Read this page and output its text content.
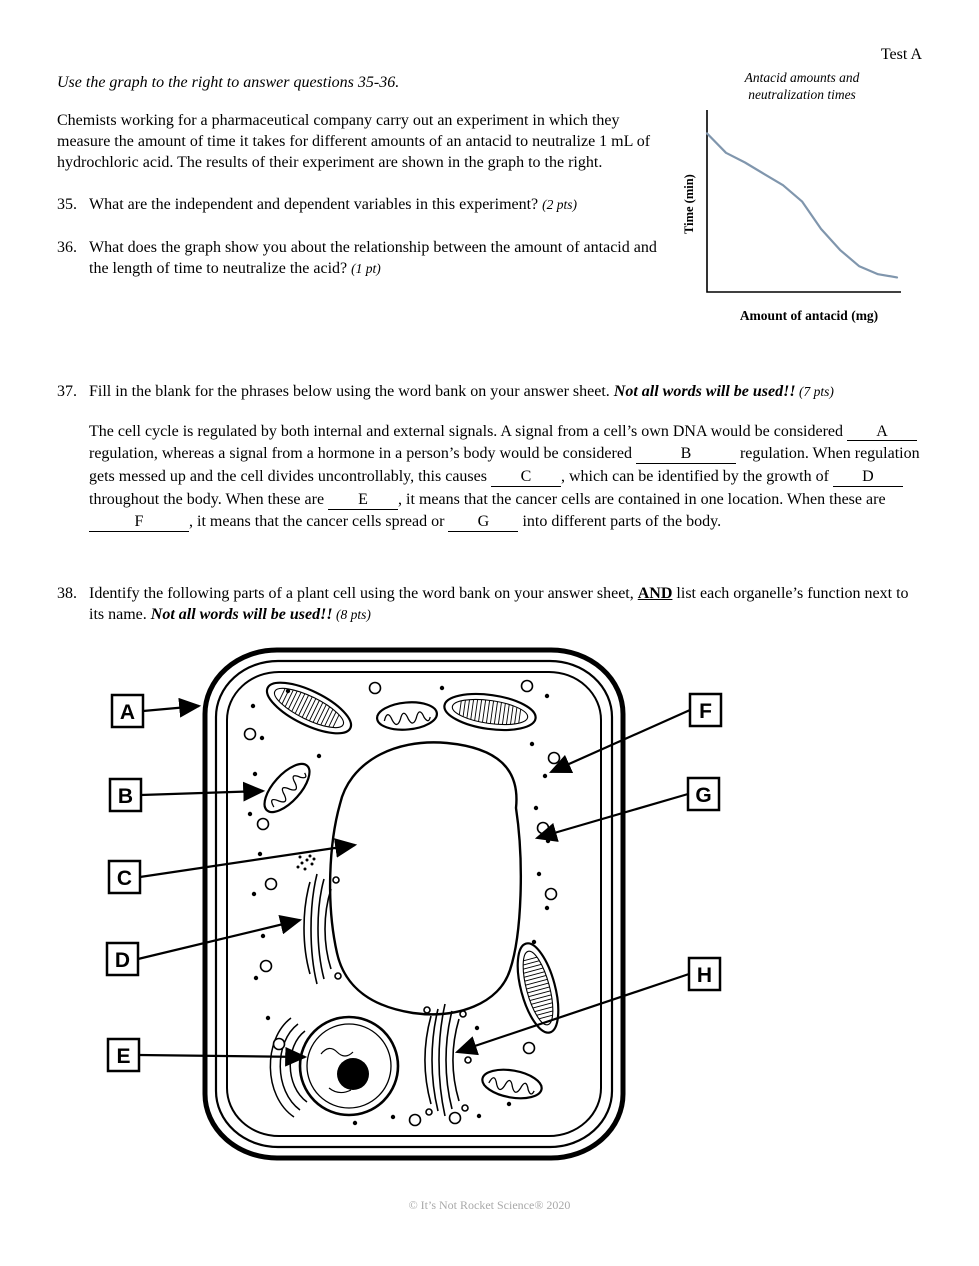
Test A

Use the graph to the right to answer questions 35-36.

Chemists working for a pharmaceutical company carry out an experiment in which they measure the amount of time it takes for different amounts of an antacid to neutralize 1 mL of hydrochloric acid. The results of their experiment are shown in the graph to the right.

35. What are the independent and dependent variables in this experiment? (2 pts)
36. What does the graph show you about the relationship between the amount of antacid and the length of time to neutralize the acid? (1 pt)
Antacid amounts and
neutralization times
Time (min)
Amount of antacid (mg)
37. Fill in the blank for the phrases below using the word bank on your answer sheet. Not all words will be used!! (7 pts)

The cell cycle is regulated by both internal and external signals. A signal from a cell’s own DNA would be considered A regulation, whereas a signal from a hormone in a person’s body would be considered	B	regulation. When regulation gets messed up and the cell divides uncontrollably, this causes C , which can be identified by the growth of Dthroughout the body. When these are E , it means that the cancer cells are contained in one location. When these are F	, it means that the cancer cells spread or G into different parts of the body.

38. Identify the following parts of a plant cell using the word bank on your answer sheet, AND list each organelle’s function next to its name. Not all words will be used!! (8 pts)
A
B
C
D
E
F
G
H
© It’s Not Rocket Science® 2020
